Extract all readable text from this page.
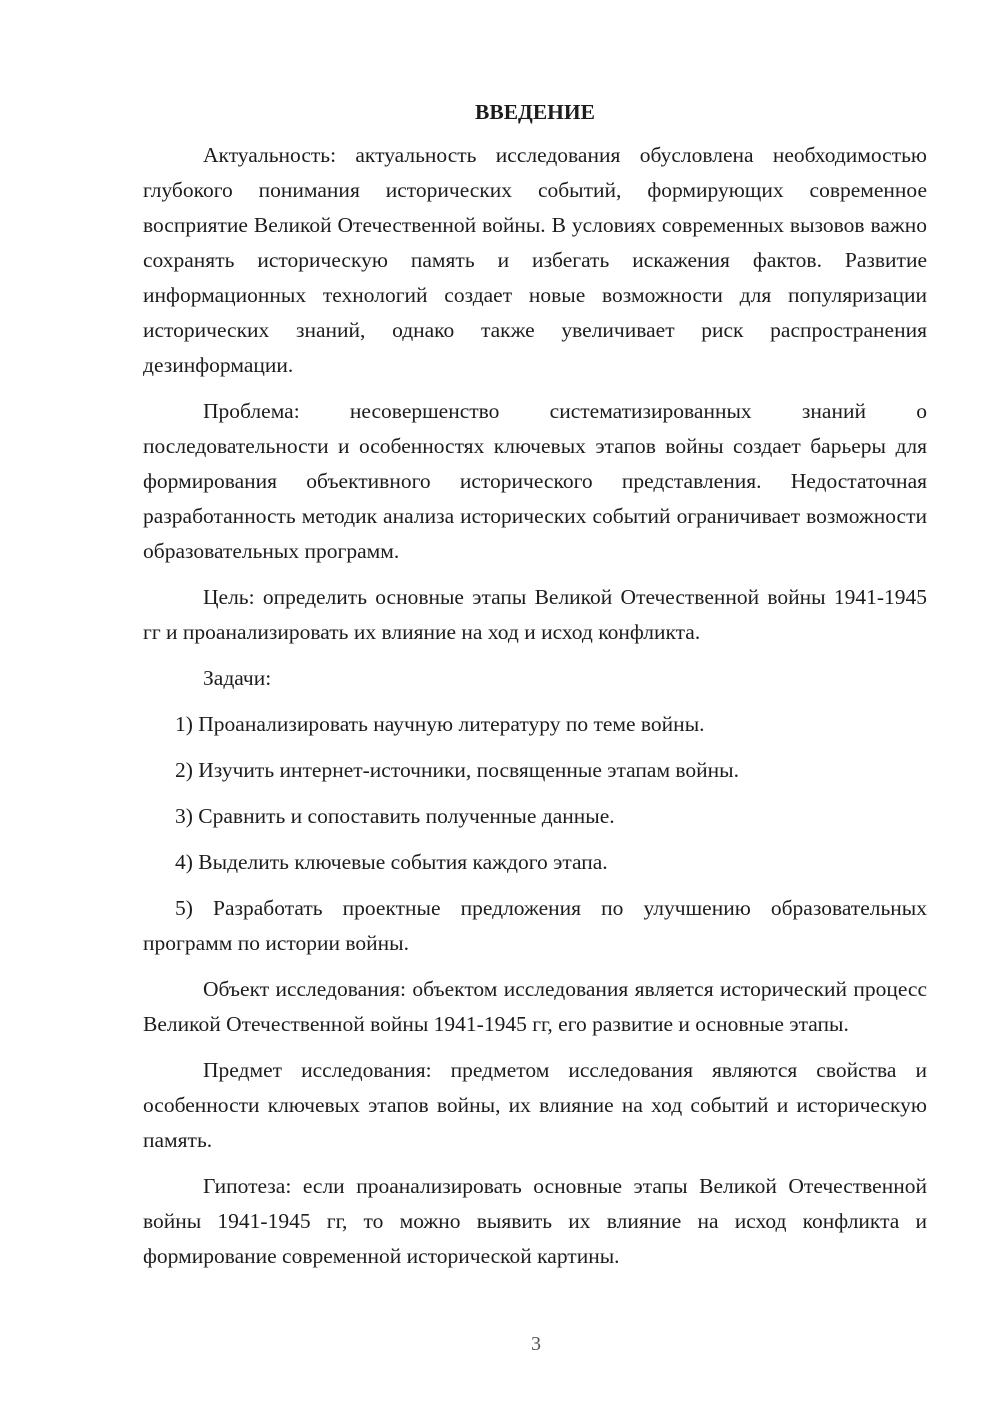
ВВЕДЕНИЕ

Актуальность: актуальность исследования обусловлена необходимостью глубокого понимания исторических событий, формирующих современное восприятие Великой Отечественной войны. В условиях современных вызовов важно сохранять историческую память и избегать искажения фактов. Развитие информационных технологий создает новые возможности для популяризации исторических знаний, однако также увеличивает риск распространения дезинформации.

Проблема: несовершенство систематизированных знаний о последовательности и особенностях ключевых этапов войны создает барьеры для формирования объективного исторического представления. Недостаточная разработанность методик анализа исторических событий ограничивает возможности образовательных программ.

Цель: определить основные этапы Великой Отечественной войны 1941-1945 гг и проанализировать их влияние на ход и исход конфликта.

Задачи:

1) Проанализировать научную литературу по теме войны.

2) Изучить интернет-источники, посвященные этапам войны.

3) Сравнить и сопоставить полученные данные.

4) Выделить ключевые события каждого этапа.

5) Разработать проектные предложения по улучшению образовательных программ по истории войны.

Объект исследования: объектом исследования является исторический процесс Великой Отечественной войны 1941-1945 гг, его развитие и основные этапы.

Предмет исследования: предметом исследования являются свойства и особенности ключевых этапов войны, их влияние на ход событий и историческую память.

Гипотеза: если проанализировать основные этапы Великой Отечественной войны 1941-1945 гг, то можно выявить их влияние на исход конфликта и формирование современной исторической картины.

3
